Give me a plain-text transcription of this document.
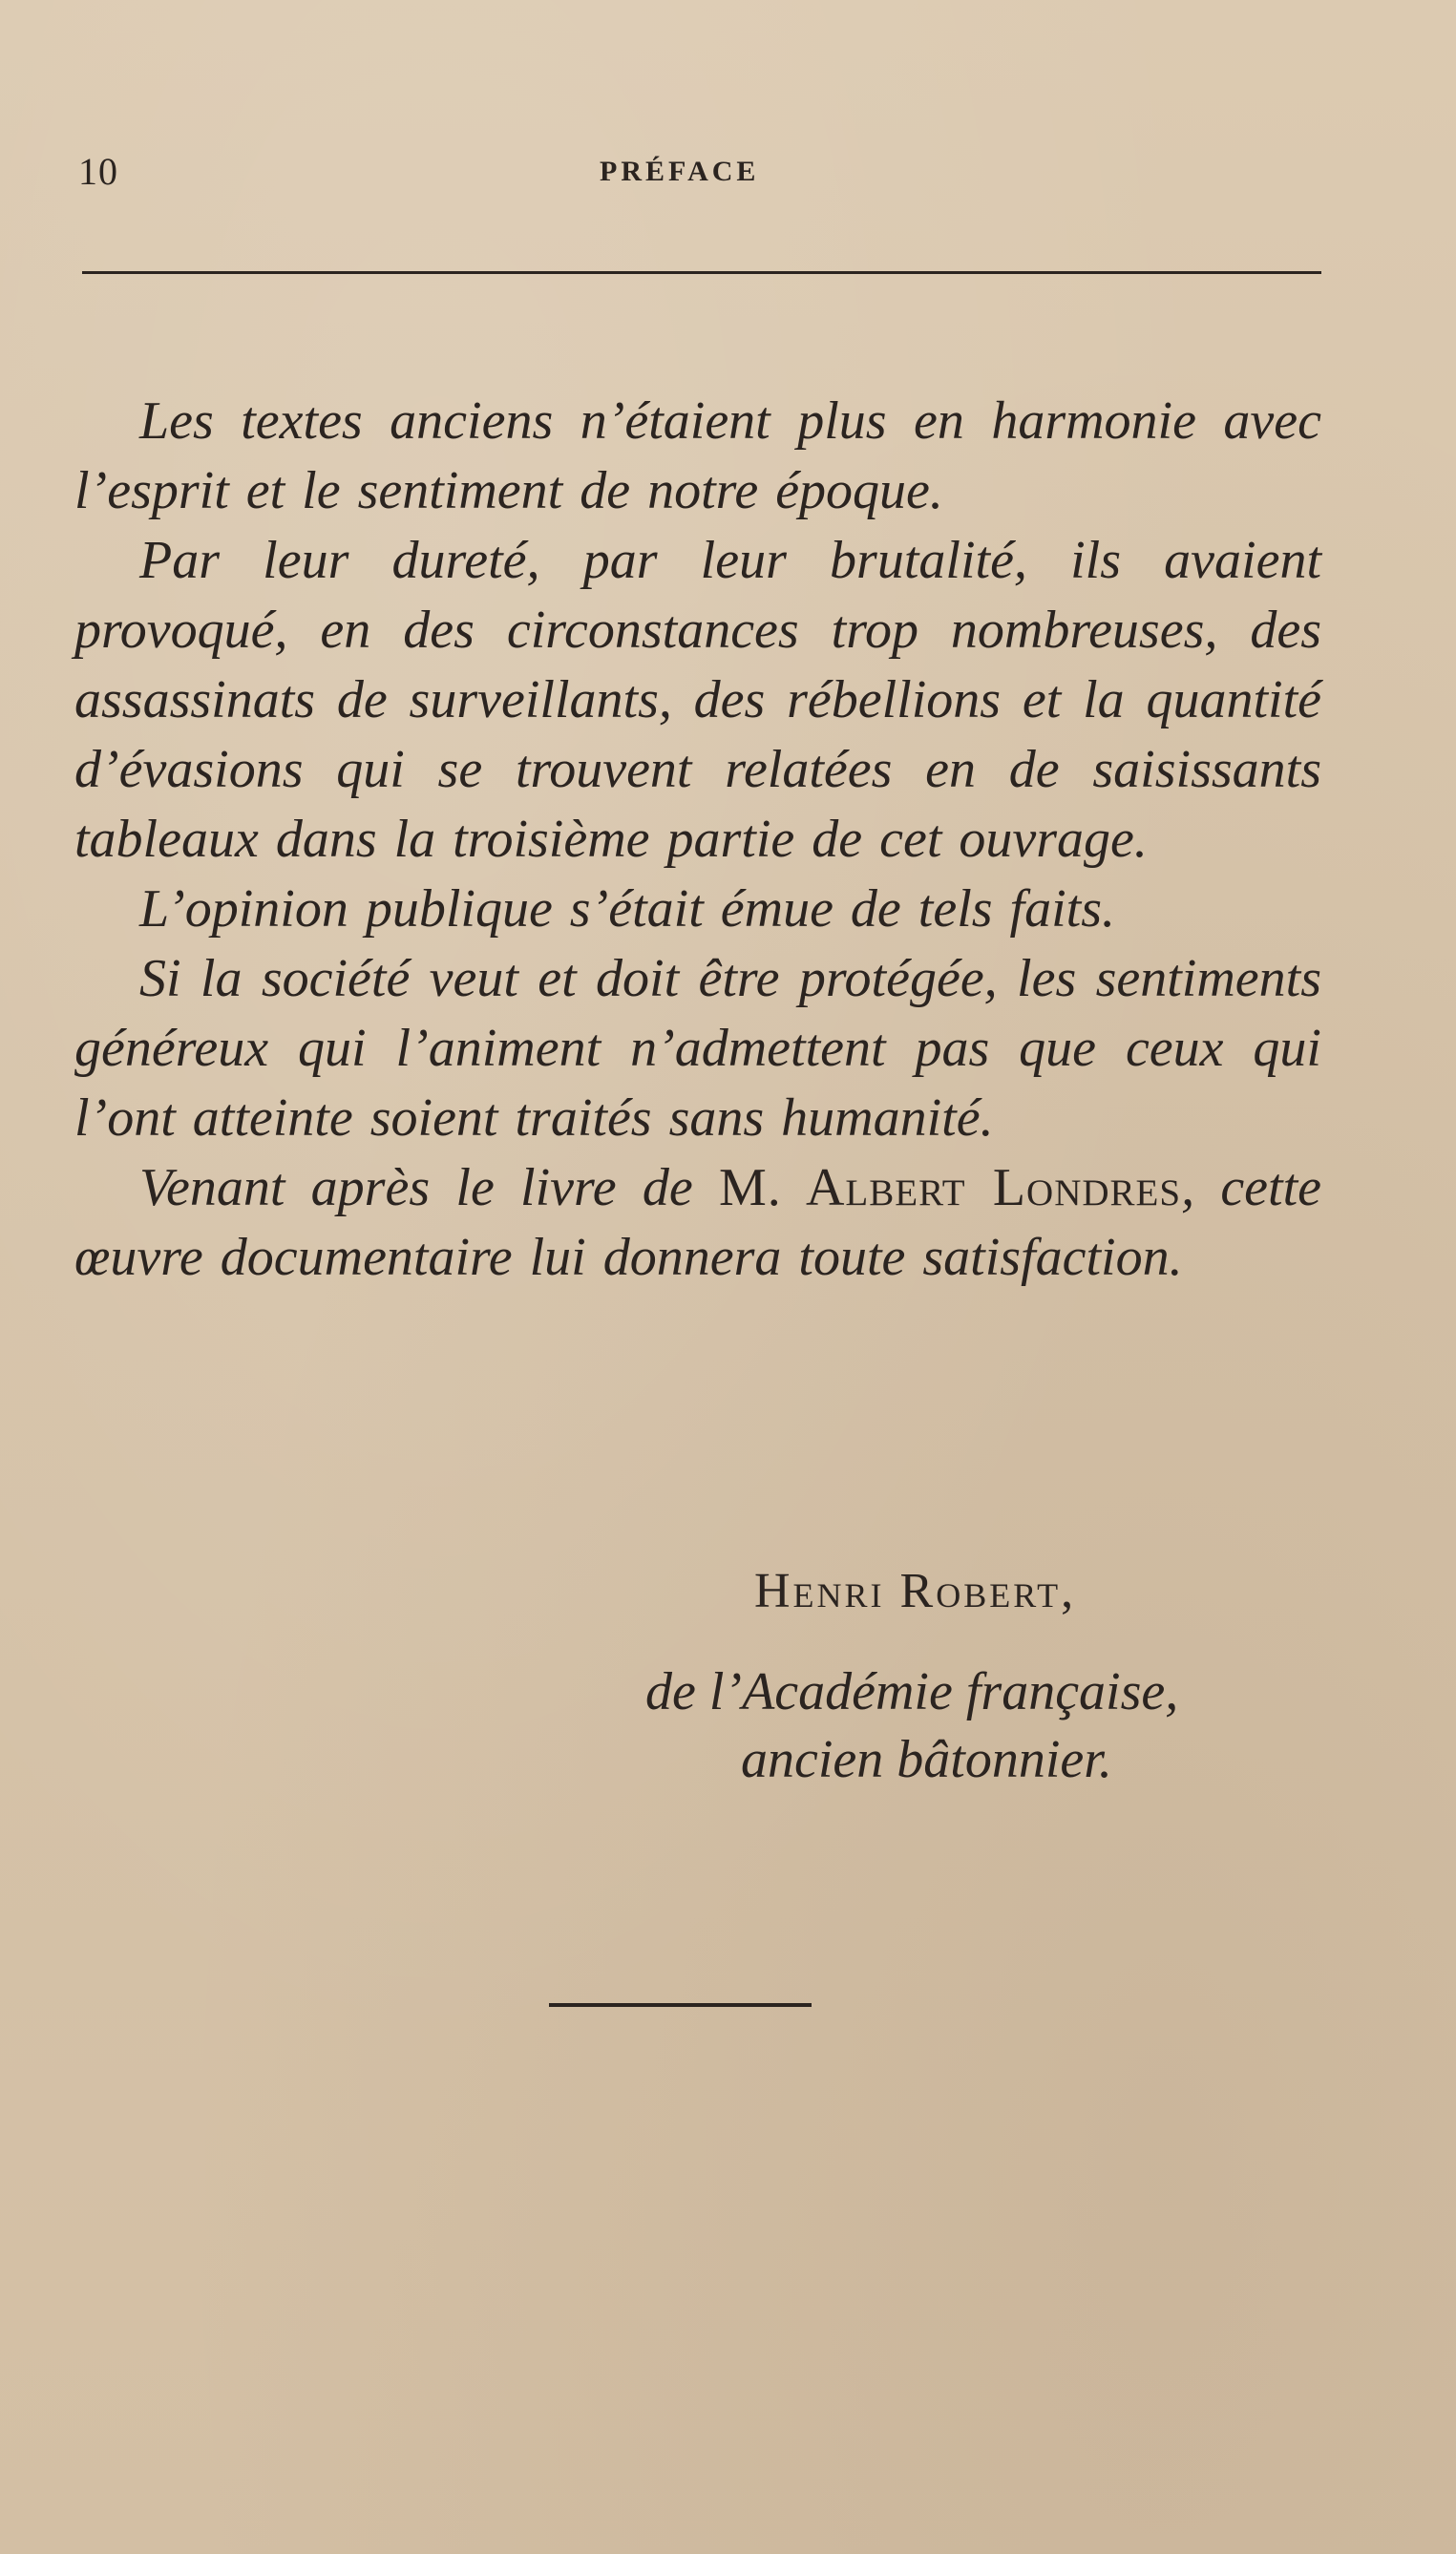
10	PRÉFACE

Les textes anciens n’étaient plus en harmonie avec l’esprit et le sentiment de notre époque.

Par leur dureté, par leur brutalité, ils avaient provoqué, en des circonstances trop nombreuses, des assassinats de surveillants, des rébellions et la quantité d’évasions qui se trouvent relatées en de saisissants tableaux dans la troisième partie de cet ouvrage.

L’opinion publique s’était émue de tels faits.

Si la société veut et doit être protégée, les sentiments généreux qui l’animent n’admettent pas que ceux qui l’ont atteinte soient traités sans humanité.

Venant après le livre de M. Albert Londres, cette œuvre documentaire lui donnera toute satisfaction.

Henri Robert,
de l’Académie française,
ancien bâtonnier.
